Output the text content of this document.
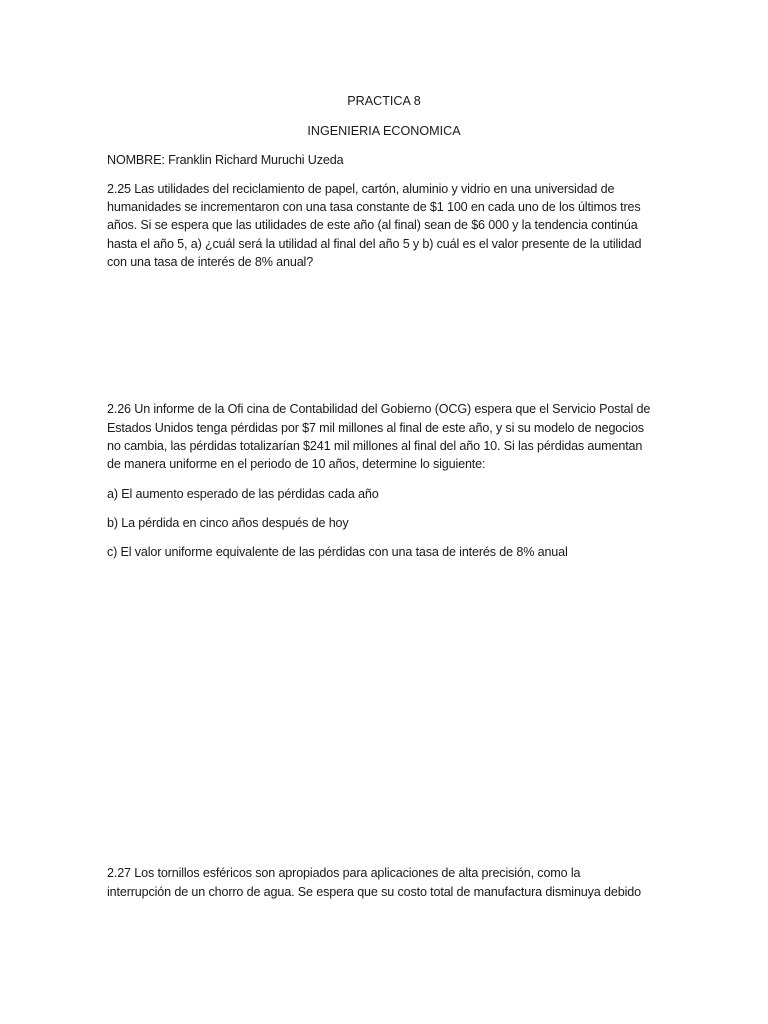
PRACTICA 8
INGENIERIA ECONOMICA
NOMBRE: Franklin Richard Muruchi Uzeda
2.25 Las utilidades del reciclamiento de papel, cartón, aluminio y vidrio en una universidad de
humanidades se incrementaron con una tasa constante de $1 100 en cada uno de los últimos tres
años. Si se espera que las utilidades de este año (al final) sean de $6 000 y la tendencia continúa
hasta el año 5, a) ¿cuál será la utilidad al final del año 5 y b) cuál es el valor presente de la utilidad
con una tasa de interés de 8% anual?
2.26 Un informe de la Ofi cina de Contabilidad del Gobierno (OCG) espera que el Servicio Postal de
Estados Unidos tenga pérdidas por $7 mil millones al final de este año, y si su modelo de negocios
no cambia, las pérdidas totalizarían $241 mil millones al final del año 10. Si las pérdidas aumentan
de manera uniforme en el periodo de 10 años, determine lo siguiente:
a) El aumento esperado de las pérdidas cada año
b) La pérdida en cinco años después de hoy
c) El valor uniforme equivalente de las pérdidas con una tasa de interés de 8% anual
2.27 Los tornillos esféricos son apropiados para aplicaciones de alta precisión, como la
interrupción de un chorro de agua. Se espera que su costo total de manufactura disminuya debido
